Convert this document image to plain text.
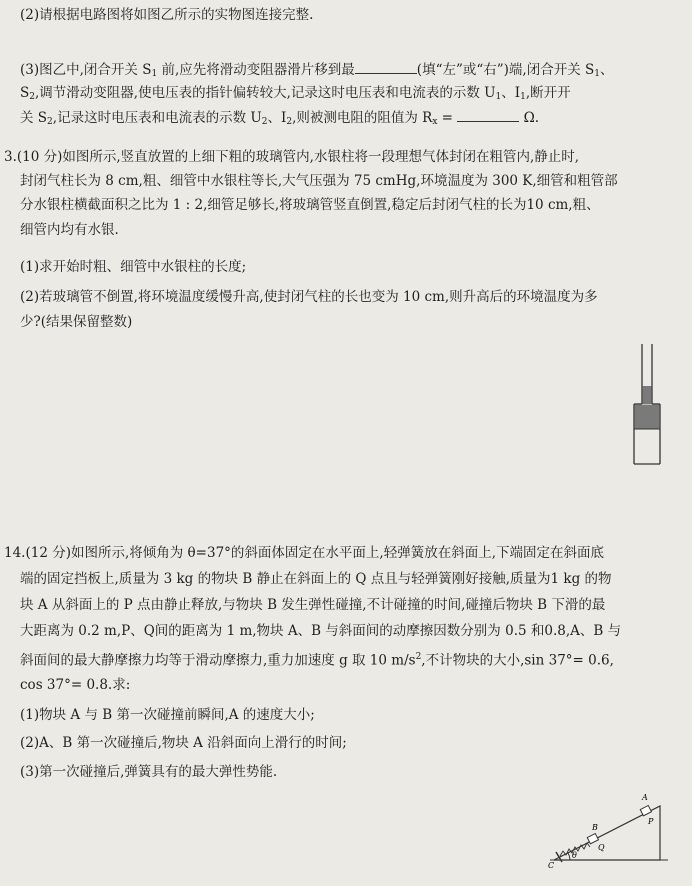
(2)请根据电路图将如图乙所示的实物图连接完整.
(3)图乙中,闭合开关 $S_1$ 前,应先将滑动变阻器滑片移到最	(填“左”或“右”)端,闭合开关 $S_1$、
$S_2$,调节滑动变阻器,使电压表的指针偏转较大,记录这时电压表和电流表的示数 $U_1$、$I_1$,断开开
关 $S_2$,记录这时电压表和电流表的示数 $U_2$、$I_2$,则被测电阻的阻值为 $R_x$ =	Ω.
3.(10 分)如图所示,竖直放置的上细下粗的玻璃管内,水银柱将一段理想气体封闭在粗管内,静止时,
封闭气柱长为 8 cm,粗、细管中水银柱等长,大气压强为 75 cmHg,环境温度为 300 K,细管和粗管部
分水银柱横截面积之比为 1 : 2,细管足够长,将玻璃管竖直倒置,稳定后封闭气柱的长为10 cm,粗、
细管内均有水银.
(1)求开始时粗、细管中水银柱的长度;
(2)若玻璃管不倒置,将环境温度缓慢升高,使封闭气柱的长也变为 10 cm,则升高后的环境温度为多
少?(结果保留整数)
14.(12 分)如图所示,将倾角为 θ=37°的斜面体固定在水平面上,轻弹簧放在斜面上,下端固定在斜面底
端的固定挡板上,质量为 3 kg 的物块 B 静止在斜面上的 Q 点且与轻弹簧刚好接触,质量为1 kg 的物
块 A 从斜面上的 P 点由静止释放,与物块 B 发生弹性碰撞,不计碰撞的时间,碰撞后物块 B 下滑的最
大距离为 0.2 m,P、Q间的距离为 1 m,物块 A、B 与斜面间的动摩擦因数分别为 0.5 和0.8,A、B 与
斜面间的最大静摩擦力均等于滑动摩擦力,重力加速度 g 取 10 $m/s^2$,不计物块的大小,sin 37°= 0.6,
cos 37°= 0.8.求:
(1)物块 A 与 B 第一次碰撞前瞬间,A 的速度大小;
(2)A、B 第一次碰撞后,物块 A 沿斜面向上滑行的时间;
(3)第一次碰撞后,弹簧具有的最大弹性势能.
A
B
P
Q
C
θ
